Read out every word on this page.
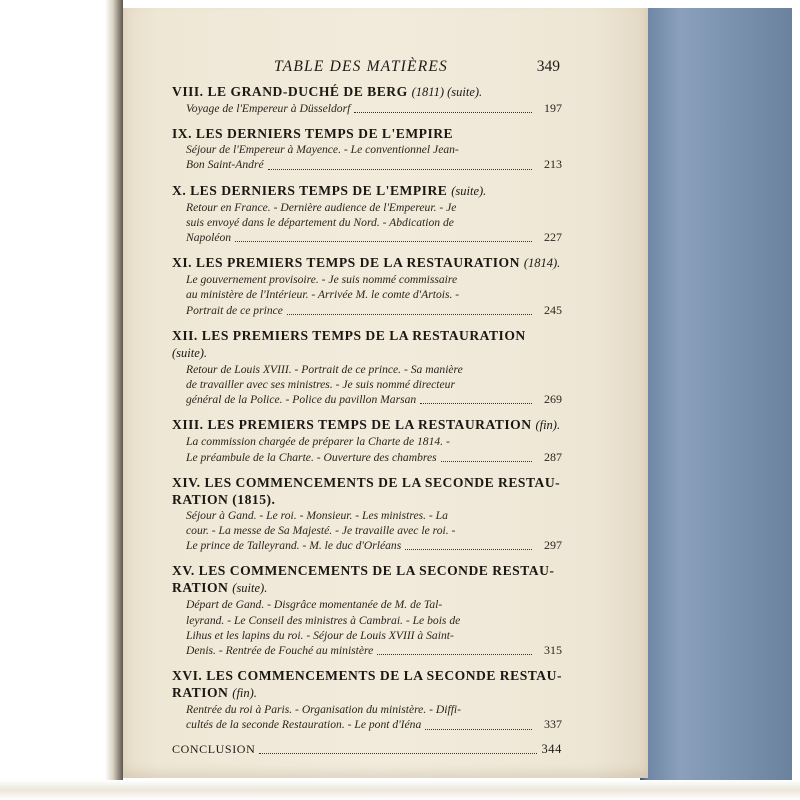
TABLE DES MATIÈRES	349
VIII. LE GRAND-DUCHÉ DE BERG (1811) (suite).
Voyage de l'Empereur à Düsseldorf	197
IX. LES DERNIERS TEMPS DE L'EMPIRE
Séjour de l'Empereur à Mayence. - Le conventionnel Jean-
Bon Saint-André	213
X. LES DERNIERS TEMPS DE L'EMPIRE (suite).
Retour en France. - Dernière audience de l'Empereur. - Je
suis envoyé dans le département du Nord. - Abdication de
Napoléon	227
XI. LES PREMIERS TEMPS DE LA RESTAURATION (1814).
Le gouvernement provisoire. - Je suis nommé commissaire
au ministère de l'Intérieur. - Arrivée M. le comte d'Artois. -
Portrait de ce prince	245
XII. LES PREMIERS TEMPS DE LA RESTAURATION (suite).
Retour de Louis XVIII. - Portrait de ce prince. - Sa manière
de travailler avec ses ministres. - Je suis nommé directeur
général de la Police. - Police du pavillon Marsan	269
XIII. LES PREMIERS TEMPS DE LA RESTAURATION (fin).
La commission chargée de préparer la Charte de 1814. -
Le préambule de la Charte. - Ouverture des chambres	287
XIV. LES COMMENCEMENTS DE LA SECONDE RESTAU-
RATION (1815).
Séjour à Gand. - Le roi. - Monsieur. - Les ministres. - La
cour. - La messe de Sa Majesté. - Je travaille avec le roi. -
Le prince de Talleyrand. - M. le duc d'Orléans	297
XV. LES COMMENCEMENTS DE LA SECONDE RESTAU-
RATION (suite).
Départ de Gand. - Disgrâce momentanée de M. de Tal-
leyrand. - Le Conseil des ministres à Cambrai. - Le bois de
Lihus et les lapins du roi. - Séjour de Louis XVIII à Saint-
Denis. - Rentrée de Fouché au ministère	315
XVI. LES COMMENCEMENTS DE LA SECONDE RESTAU-
RATION (fin).
Rentrée du roi à Paris. - Organisation du ministère. - Diffi-
cultés de la seconde Restauration. - Le pont d'Iéna	337
CONCLUSION	344
